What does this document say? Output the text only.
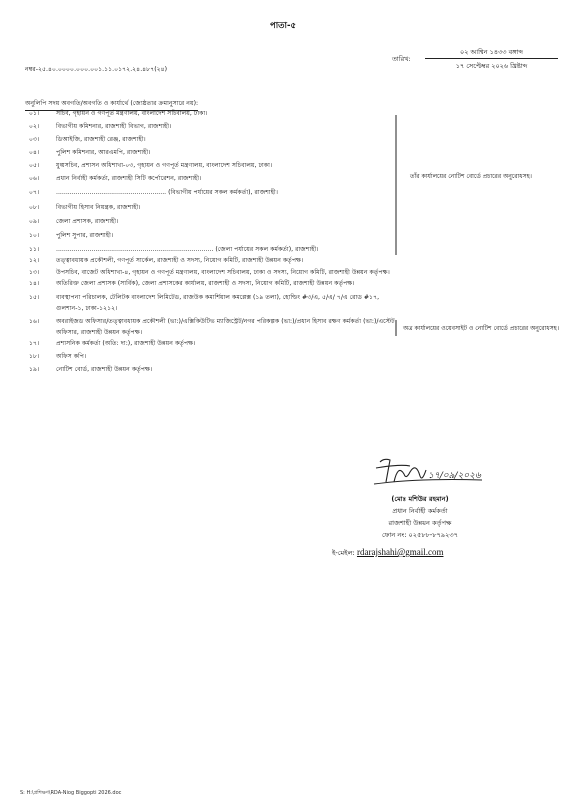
পাতা-৫
নম্বর-২৫.৪০.০০০০.০০০.০০১.১১.০১৭২.২৪.৪৮৭(২৪)
তারিখ:
০২ আশ্বিন ১৪৩৩ বঙ্গাব্দ
১৭ সেপ্টেম্বর ২০২৬ খ্রিষ্টাব্দ
অনুলিপি সদয় অবগতি/অবগতি ও কার্যার্থে (জ্যেষ্ঠতার ক্রমানুসারে নয়):
০১।	সচিব, গৃহায়ন ও গণপূর্ত মন্ত্রণালয়, বাংলাদেশ সচিবালয়, ঢাকা।
০২।	বিভাগীয় কমিশনার, রাজশাহী বিভাগ, রাজশাহী।
০৩।	ডিআইজি, রাজশাহী রেঞ্জ, রাজশাহী।
০৪।	পুলিশ কমিশনার, আরএমপি, রাজশাহী।
০৫।	যুগ্মসচিব, প্রশাসন অধিশাখা-০৩, গৃহায়ন ও গণপূর্ত মন্ত্রণালয়, বাংলাদেশ সচিবালয়, ঢাকা।
০৬।	প্রধান নির্বাহী কর্মকর্তা, রাজশাহী সিটি কর্পোরেশন, রাজশাহী।
০৭।	........................................................ (বিভাগীয় পর্যায়ের সকল কর্মকর্তা), রাজশাহী।
০৮।	বিভাগীয় হিসাব নিয়ন্ত্রক, রাজশাহী।
০৯।	জেলা প্রশাসক, রাজশাহী।
১০।	পুলিশ সুপার, রাজশাহী।
১১।	................................................................................ (জেলা পর্যায়ের সকল কর্মকর্তা), রাজশাহী।
১২।	তত্ত্বাবধায়ক প্রকৌশলী, গণপূর্ত সার্কেল, রাজশাহী ও সদস্য, নিয়োগ কমিটি, রাজশাহী উন্নয়ন কর্তৃপক্ষ।
১৩।	উপসচিব, বাজেট অধিশাখা-৪, গৃহায়ন ও গণপূর্ত মন্ত্রণালয়, বাংলাদেশ সচিবালয়, ঢাকা ও সদস্য, নিয়োগ কমিটি, রাজশাহী উন্নয়ন কর্তৃপক্ষ।
১৪।	অতিরিক্ত জেলা প্রশাসক (সার্বিক), জেলা প্রশাসকের কার্যালয়, রাজশাহী ও সদস্য, নিয়োগ কমিটি, রাজশাহী উন্নয়ন কর্তৃপক্ষ।
১৫।	ব্যবস্থাপনা পরিচালক, টেলিটক বাংলাদেশ লিমিটেড, রাজউক কমার্শিয়াল কমপ্লেক্স (১৯ তলা), হোল্ডিং #৩/এ, ৫/এ/ ৭/এ রোড #১৭,
গুলশান-১, ঢাকা-১২১২।
১৬।	অবরাইজড অফিসার/তত্ত্বাবধায়ক প্রকৌশলী (ভা:)/এক্সিকিউটিভ ম্যাজিস্ট্রেট/নগর পরিকল্পক (ভা:)/প্রধান হিসাব রক্ষণ কর্মকর্তা (ভা:)/এস্টেট
অফিসার, রাজশাহী উন্নয়ন কর্তৃপক্ষ।
১৭।	প্রশাসনিক কর্মকর্তা (অতি: দা:), রাজশাহী উন্নয়ন কর্তৃপক্ষ।
১৮।	অফিস কপি।
১৯।	নোটিশ বোর্ড, রাজশাহী উন্নয়ন কর্তৃপক্ষ।
তাঁর কার্যালয়ের নোটিশ বোর্ডে প্রচারের অনুরোধসহ।
অত্র কার্যালয়ের ওয়েবসাইট ও নোটিশ বোর্ডে প্রচারের অনুরোধসহ।
১৭/০৯/২০২৬
(মোঃ মশিউর রহমান)
প্রধান নির্বাহী কর্মকর্তা
রাজশাহী উন্নয়ন কর্তৃপক্ষ
ফোন নং: ০২৫৮৮-৮৭৯২৩৭
ই-মেইল: rdarajshahi@gmail.com
S: H:\প্রশিক্ষণ\RDA-Niog Biggopti 2026.doc
